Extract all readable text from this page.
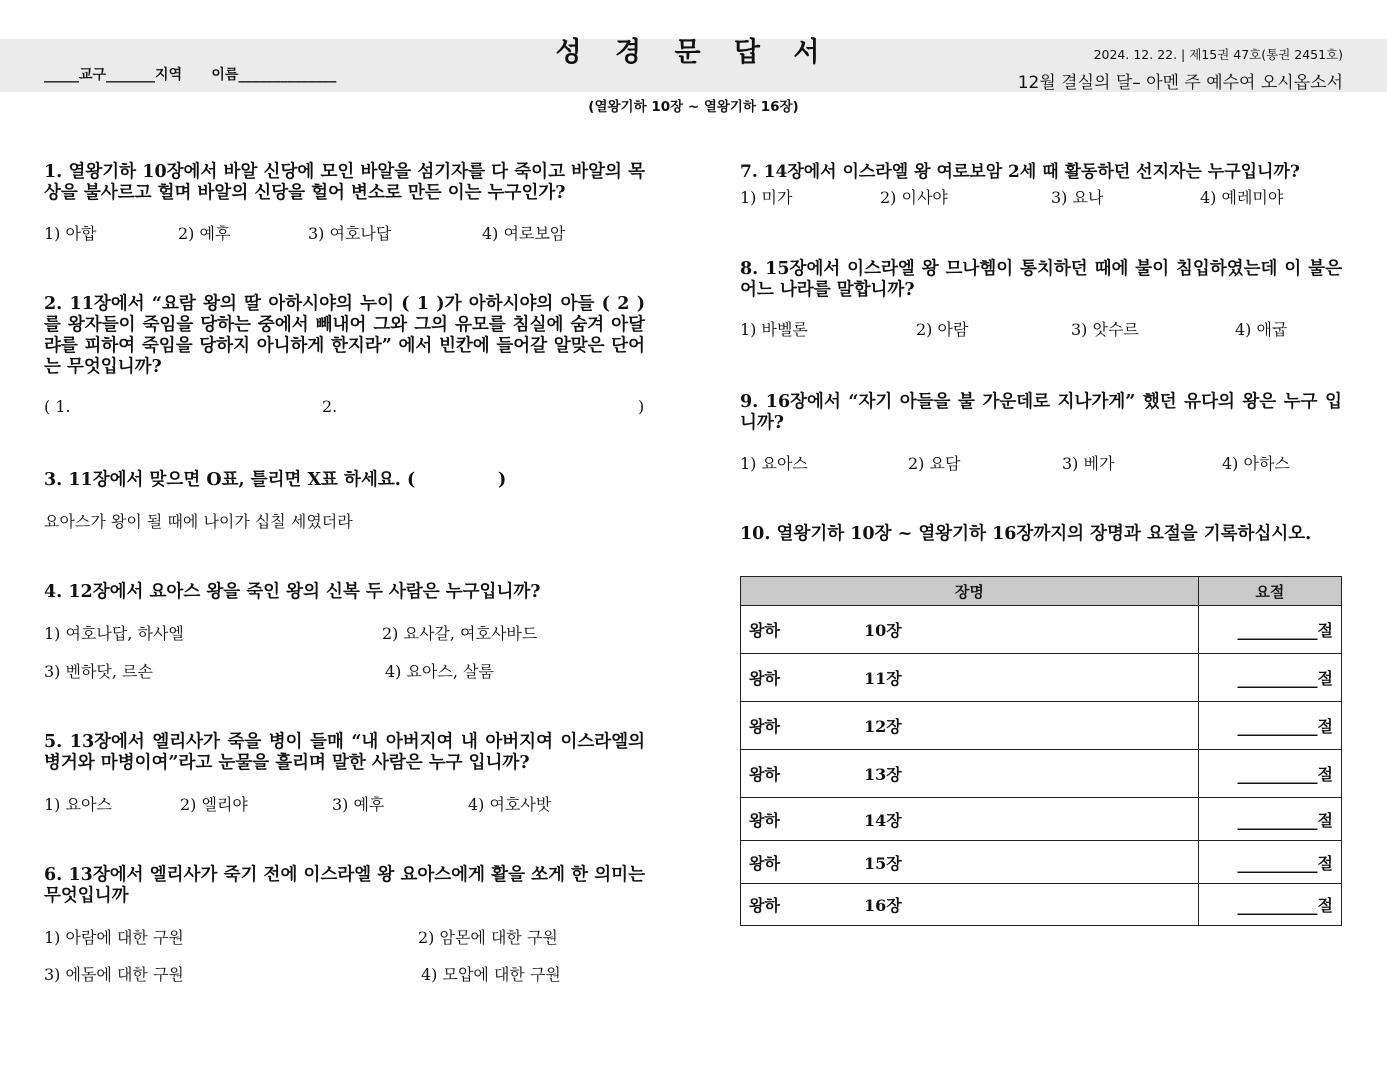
성 경 문 답 서
_____교구_______지역      이름______________
2024. 12. 22. | 제15권 47호(통권 2451호)
12월 결실의 달– 아멘 주 예수여 오시옵소서
(열왕기하 10장 ~ 열왕기하 16장)
1. 열왕기하 10장에서 바알 신당에 모인 바알을 섬기자를 다 죽이고 바알의 목상을 불사르고 헐며 바알의 신당을 헐어 변소로 만든 이는 누구인가?
1) 아합	2) 예후	3) 여호나답	4) 여로보암
2. 11장에서 “요람 왕의 딸 아하시야의 누이 ( 1 )가 아하시야의 아들 ( 2 )를 왕자들이 죽임을 당하는 중에서 빼내어 그와 그의 유모를 침실에 숨겨 아달랴를 피하여 죽임을 당하지 아니하게 한지라” 에서 빈칸에 들어갈 알맞은 단어는 무엇입니까?
( 1.	2.	)
3. 11장에서 맞으면 O표, 틀리면 X표 하세요. (	)
요아스가 왕이 될 때에 나이가 십칠 세였더라
4. 12장에서 요아스 왕을 죽인 왕의 신복 두 사람은 누구입니까?
1) 여호나답, 하사엘	2) 요사갈, 여호사바드
3) 벤하닷, 르손	4) 요아스, 살룸
5. 13장에서 엘리사가 죽을 병이 들매 “내 아버지여 내 아버지여 이스라엘의 병거와 마병이여”라고 눈물을 흘리며 말한 사람은 누구 입니까?
1) 요아스	2) 엘리야	3) 예후	4) 여호사밧
6. 13장에서 엘리사가 죽기 전에 이스라엘 왕 요아스에게 활을 쏘게 한 의미는 무엇입니까
1) 아람에 대한 구원	2) 암몬에 대한 구원
3) 에돔에 대한 구원	4) 모압에 대한 구원
7. 14장에서 이스라엘 왕 여로보암 2세 때 활동하던 선지자는 누구입니까?
1) 미가	2) 이사야	3) 요나	4) 예레미야
8. 15장에서 이스라엘 왕 므나헴이 통치하던 때에 불이 침입하였는데 이 불은 어느 나라를 말합니까?
1) 바벨론	2) 아람	3) 앗수르	4) 애굽
9. 16장에서 “자기 아들을 불 가운데로 지나가게” 했던 유다의 왕은 누구 입니까?
1) 요아스	2) 요담	3) 베가	4) 아하스
10. 열왕기하 10장 ~ 열왕기하 16장까지의 장명과 요절을 기록하십시오.
장명	요절
왕하 10장	__________절
왕하 11장	__________절
왕하 12장	__________절
왕하 13장	__________절
왕하 14장	__________절
왕하 15장	__________절
왕하 16장	__________절
